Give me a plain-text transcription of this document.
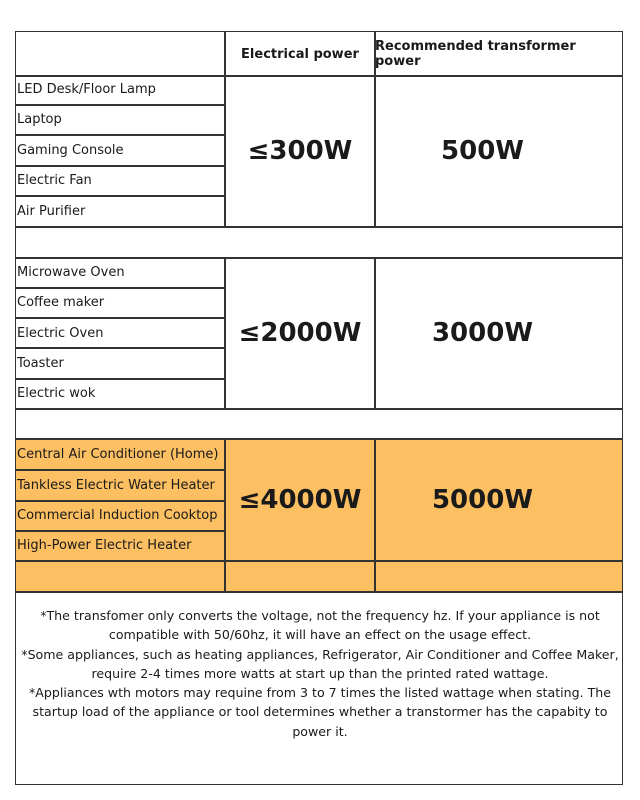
Electrical power	Recommended transformer power
LED Desk/Floor Lamp
Laptop
Gaming Console
Electric Fan
Air Purifier
≤300W	500W
Microwave Oven
Coffee maker
Electric Oven
Toaster
Electric wok
≤2000W	3000W
Central Air Conditioner (Home)
Tankless Electric Water Heater
Commercial Induction Cooktop
High-Power Electric Heater
≤4000W	5000W

*The transfomer only converts the voltage, not the frequency hz. If your appliance is not compatible with 50/60hz, it will have an effect on the usage effect.

*Some appliances, such as heating appliances, Refrigerator, Air Conditioner and Coffee Maker, require 2-4 times more watts at start up than the printed rated wattage.

*Appliances wth motors may requine from 3 to 7 times the listed wattage when stating. The startup load of the appliance or tool determines whether a transtormer has the capabity to power it.
